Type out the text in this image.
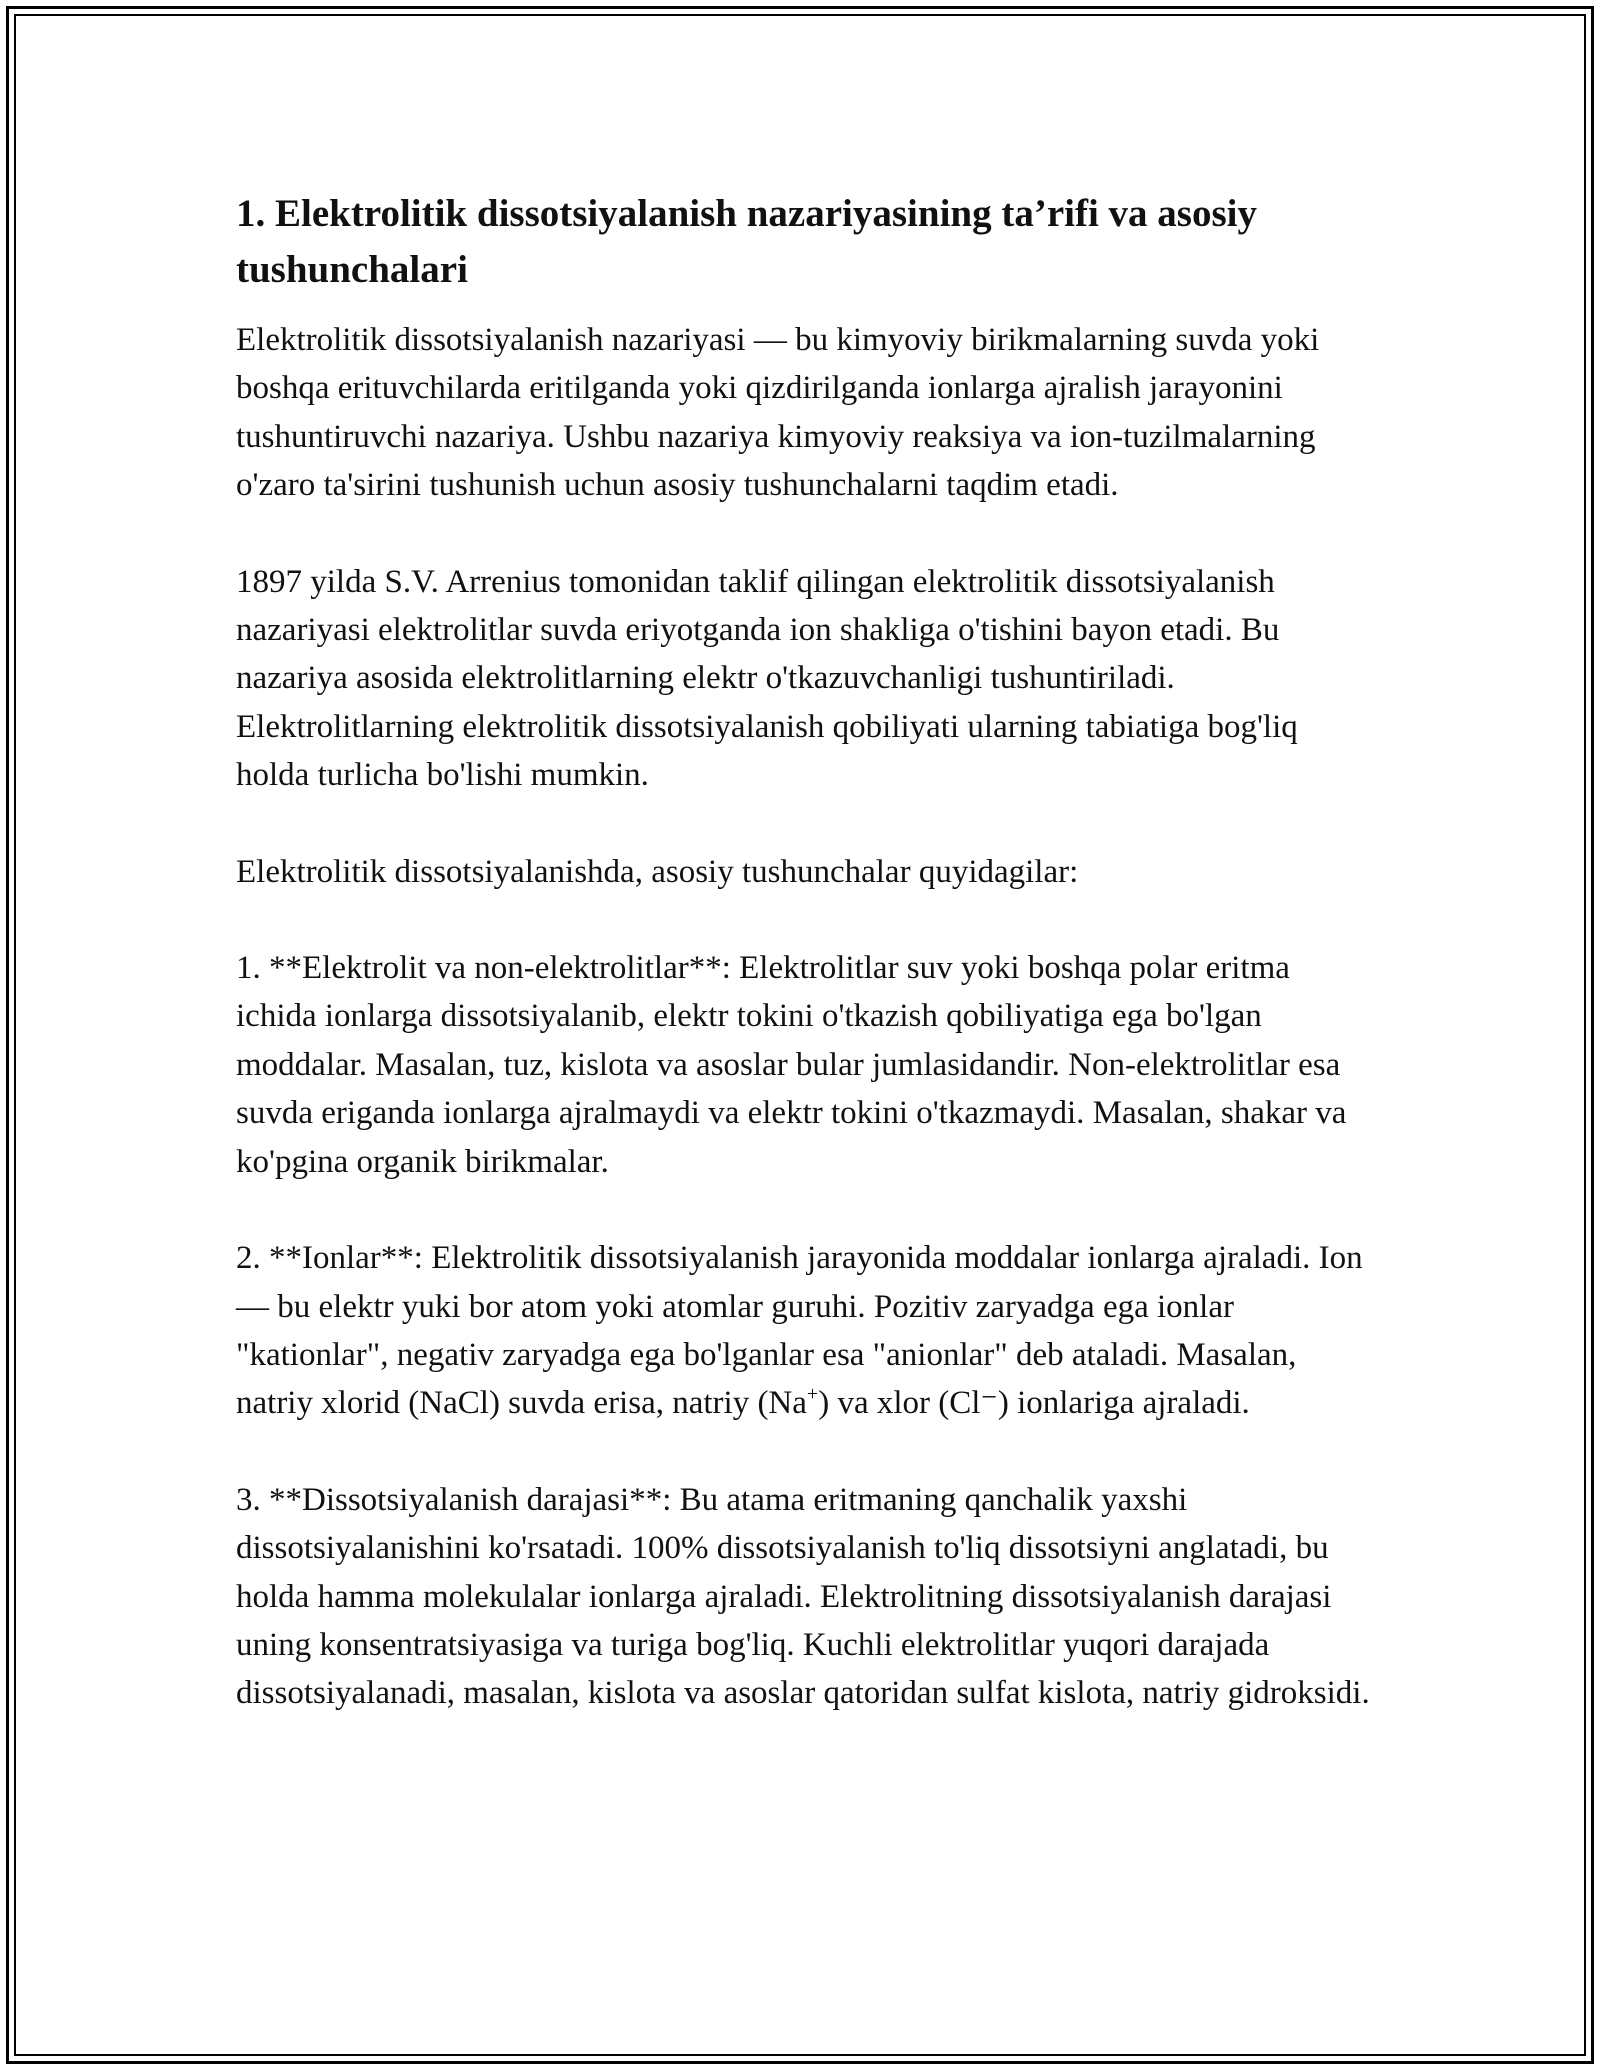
1. Elektrolitik dissotsiyalanish nazariyasining ta’rifi va asosiy tushunchalari

Elektrolitik dissotsiyalanish nazariyasi — bu kimyoviy birikmalarning suvda yoki boshqa erituvchilarda eritilganda yoki qizdirilganda ionlarga ajralish jarayonini tushuntiruvchi nazariya. Ushbu nazariya kimyoviy reaksiya va ion-tuzilmalarning o'zaro ta'sirini tushunish uchun asosiy tushunchalarni taqdim etadi.

1897 yilda S.V. Arrenius tomonidan taklif qilingan elektrolitik dissotsiyalanish nazariyasi elektrolitlar suvda eriyotganda ion shakliga o'tishini bayon etadi. Bu nazariya asosida elektrolitlarning elektr o'tkazuvchanligi tushuntiriladi. Elektrolitlarning elektrolitik dissotsiyalanish qobiliyati ularning tabiatiga bog'liq holda turlicha bo'lishi mumkin.

Elektrolitik dissotsiyalanishda, asosiy tushunchalar quyidagilar:

1. **Elektrolit va non-elektrolitlar**: Elektrolitlar suv yoki boshqa polar eritma ichida ionlarga dissotsiyalanib, elektr tokini o'tkazish qobiliyatiga ega bo'lgan moddalar. Masalan, tuz, kislota va asoslar bular jumlasidandir. Non-elektrolitlar esa suvda eriganda ionlarga ajralmaydi va elektr tokini o'tkazmaydi. Masalan, shakar va ko'pgina organik birikmalar.

2. **Ionlar**: Elektrolitik dissotsiyalanish jarayonida moddalar ionlarga ajraladi. Ion — bu elektr yuki bor atom yoki atomlar guruhi. Pozitiv zaryadga ega ionlar "kationlar", negativ zaryadga ega bo'lganlar esa "anionlar" deb ataladi. Masalan, natriy xlorid (NaCl) suvda erisa, natriy (Na+) va xlor (Cl⁻) ionlariga ajraladi.

3. **Dissotsiyalanish darajasi**: Bu atama eritmaning qanchalik yaxshi dissotsiyalanishini ko'rsatadi. 100% dissotsiyalanish to'liq dissotsiyni anglatadi, bu holda hamma molekulalar ionlarga ajraladi. Elektrolitning dissotsiyalanish darajasi uning konsentratsiyasiga va turiga bog'liq. Kuchli elektrolitlar yuqori darajada dissotsiyalanadi, masalan, kislota va asoslar qatoridan sulfat kislota, natriy gidroksidi.
